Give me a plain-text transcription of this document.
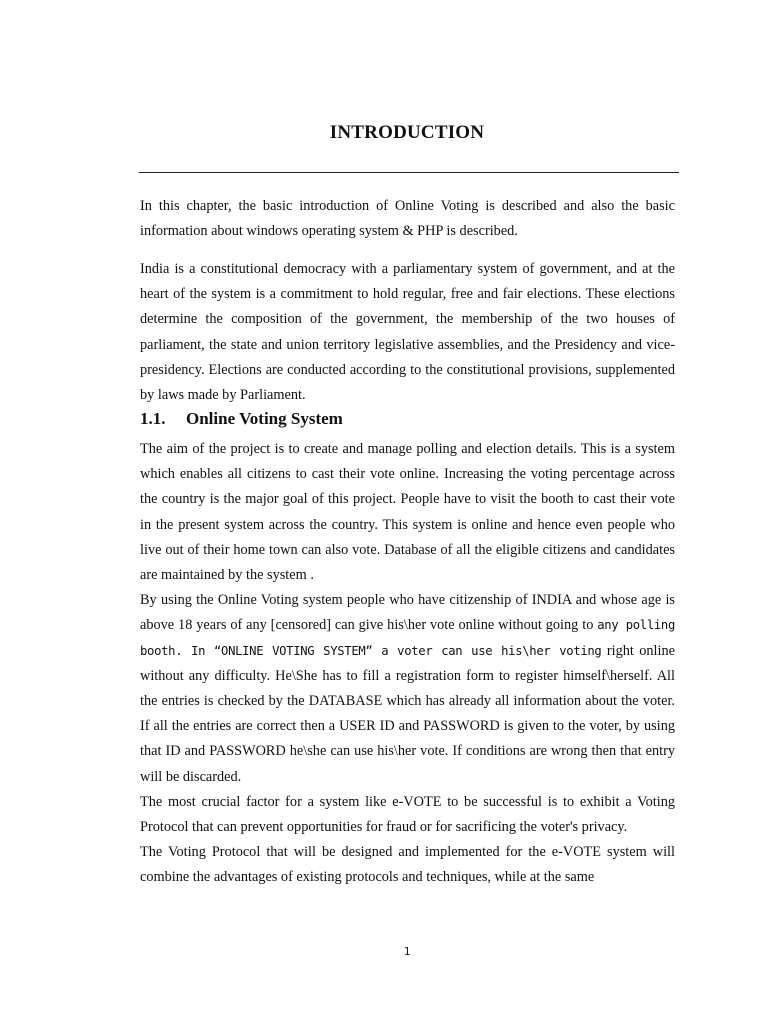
INTRODUCTION

In this chapter, the basic introduction of Online Voting is described and also the basic information about windows operating system & PHP is described.

India is a constitutional democracy with a parliamentary system of government, and at the heart of the system is a commitment to hold regular, free and fair elections. These elections determine the composition of the government, the membership of the two houses of parliament, the state and union territory legislative assemblies, and the Presidency and vice-presidency. Elections are conducted according to the constitutional provisions, supplemented by laws made by Parliament.

1.1. Online Voting System

The aim of the project is to create and manage polling and election details. This is a system which enables all citizens to cast their vote online. Increasing the voting percentage across the country is the major goal of this project. People have to visit the booth to cast their vote in the present system across the country. This system is online and hence even people who live out of their home town can also vote. Database of all the eligible citizens and candidates are maintained by the system .

By using the Online Voting system people who have citizenship of INDIA and whose age is above 18 years of any [censored] can give his\her vote online without going to any polling booth. In “ONLINE VOTING SYSTEM” a voter can use his\her voting right online without any difficulty. He\She has to fill a registration form to register himself\herself. All the entries is checked by the DATABASE which has already all information about the voter. If all the entries are correct then a USER ID and PASSWORD is given to the voter, by using that ID and PASSWORD he\she can use his\her vote. If conditions are wrong then that entry will be discarded.

The most crucial factor for a system like e-VOTE to be successful is to exhibit a Voting Protocol that can prevent opportunities for fraud or for sacrificing the voter's privacy.

The Voting Protocol that will be designed and implemented for the e-VOTE system will combine the advantages of existing protocols and techniques, while at the same

1
